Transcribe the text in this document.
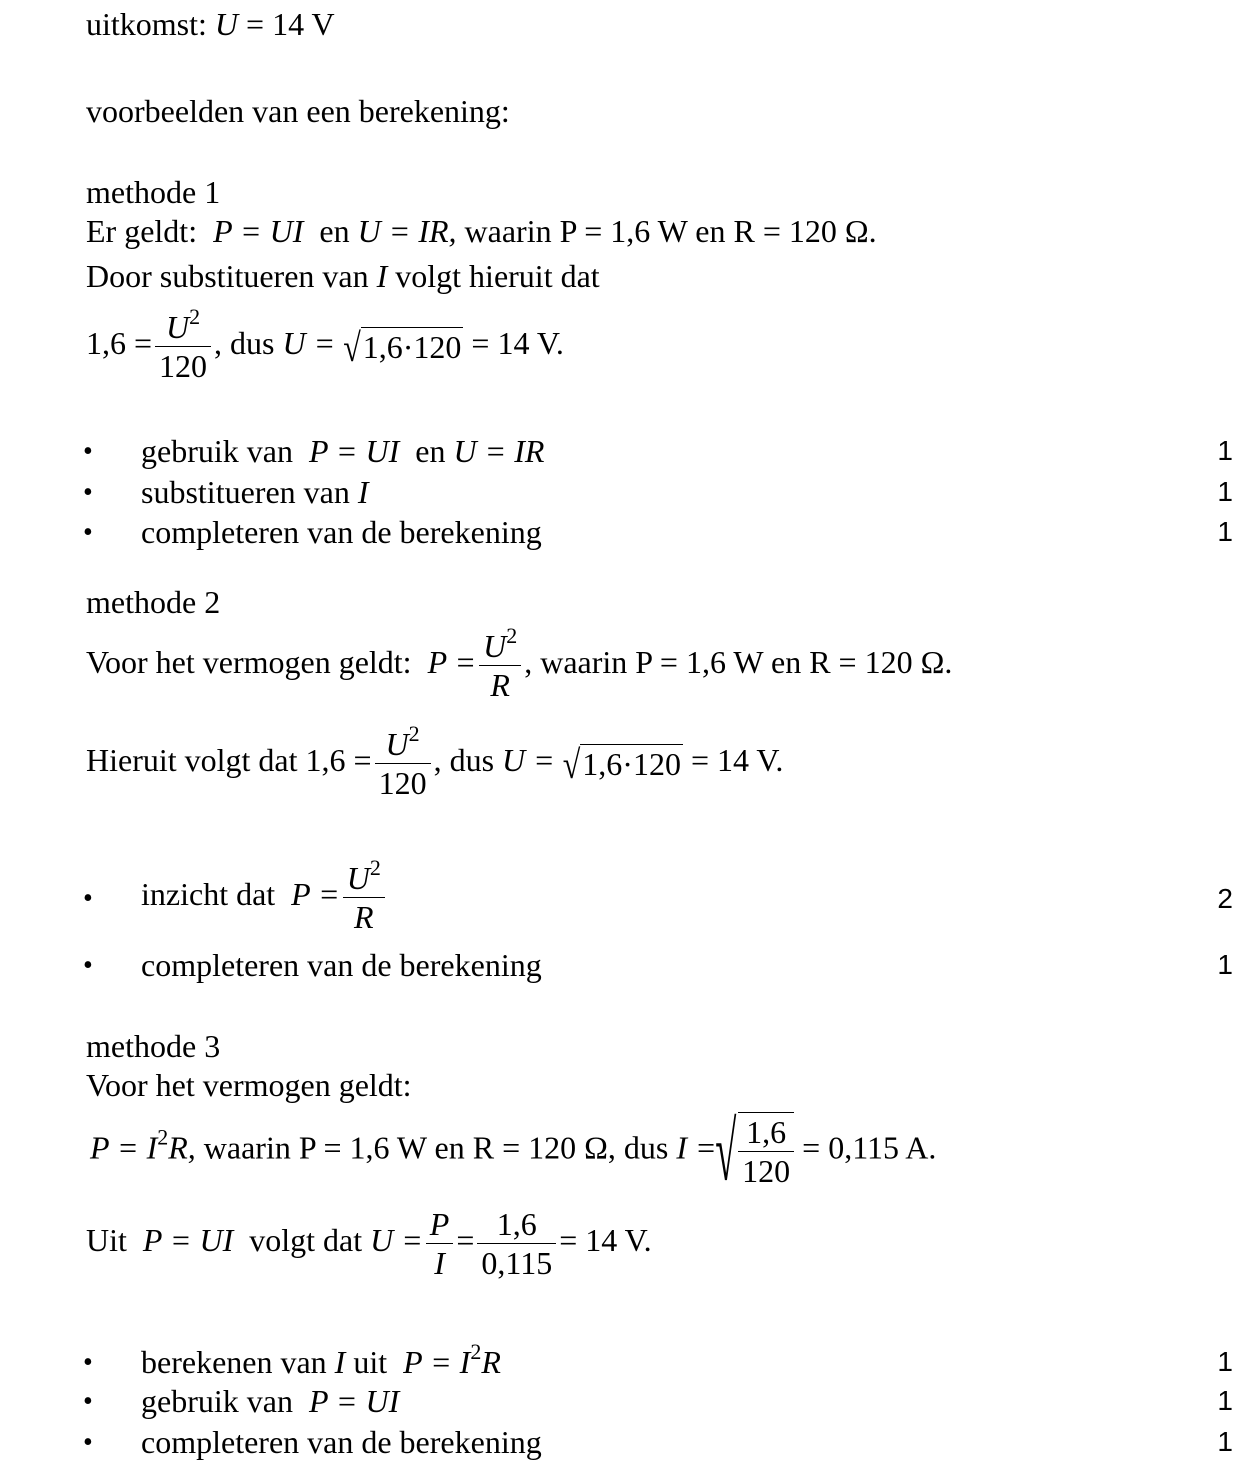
uitkomst: U = 14 V
voorbeelden van een berekening:
methode 1
Er geldt: P = UI en U = IR, waarin P = 1,6 W en R = 120 Ω.
Door substitueren van I volgt hieruit dat
$1,6 = \frac{U^2}{120}$ , dus U = √1,6·120 = 14 V.
• gebruik van P = UI en U = IR	1
• substitueren van I	1
• completeren van de berekening	1
methode 2
Voor het vermogen geldt: $P = \frac{U^2}{R}$ , waarin P = 1,6 W en R = 120 Ω.
Hieruit volgt dat $1,6 = \frac{U^2}{120}$ , dus U = √1,6·120 = 14 V.
• inzicht dat $P = \frac{U^2}{R}$	2
• completeren van de berekening	1
methode 3
Voor het vermogen geldt:
$P = I^2R$, waarin P = 1,6 W en R = 120 Ω, dus I =√ $\frac{1,6}{120} = 0,115$ A.
Uit P = UI volgt dat $U = \frac{P}{I} = \frac{1,6}{0,115} = 14$ V.
• berekenen van I uit $P = I^2R$	1
• gebruik van P = UI	1
• completeren van de berekening	1
